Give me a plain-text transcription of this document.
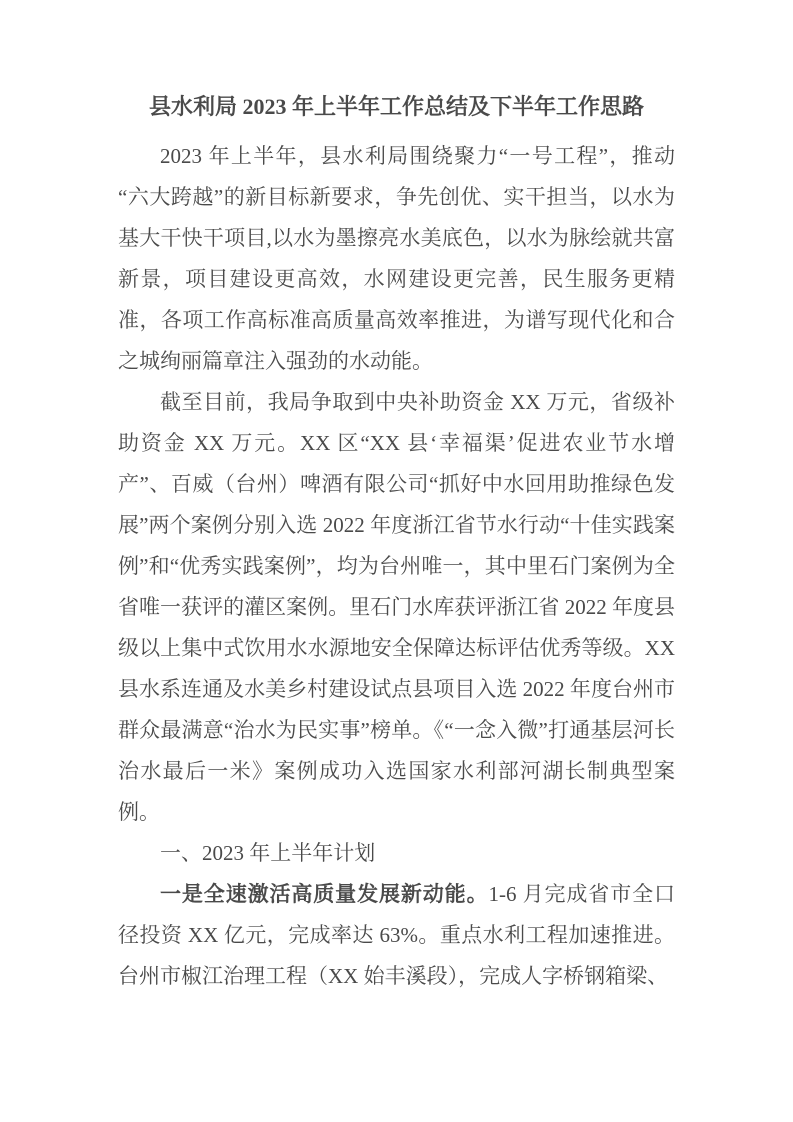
县水利局 2023 年上半年工作总结及下半年工作思路

2023 年上半年，县水利局围绕聚力“一号工程”，推动“六大跨越”的新目标新要求，争先创优、实干担当，以水为基大干快干项目,以水为墨擦亮水美底色，以水为脉绘就共富新景，项目建设更高效，水网建设更完善，民生服务更精准，各项工作高标准高质量高效率推进，为谱写现代化和合之城绚丽篇章注入强劲的水动能。

截至目前，我局争取到中央补助资金 XX 万元，省级补助资金 XX 万元。XX 区“XX 县‘幸福渠’促进农业节水增产”、百威（台州）啤酒有限公司“抓好中水回用助推绿色发展”两个案例分别入选 2022 年度浙江省节水行动“十佳实践案例”和“优秀实践案例”，均为台州唯一，其中里石门案例为全省唯一获评的灌区案例。里石门水库获评浙江省 2022 年度县级以上集中式饮用水水源地安全保障达标评估优秀等级。XX 县水系连通及水美乡村建设试点县项目入选 2022 年度台州市群众最满意“治水为民实事”榜单。《“一念入微”打通基层河长治水最后一米》案例成功入选国家水利部河湖长制典型案例。

一、2023 年上半年计划

一是全速激活高质量发展新动能。1-6 月完成省市全口径投资 XX 亿元，完成率达 63%。重点水利工程加速推进。台州市椒江治理工程（XX 始丰溪段），完成人字桥钢箱梁、
